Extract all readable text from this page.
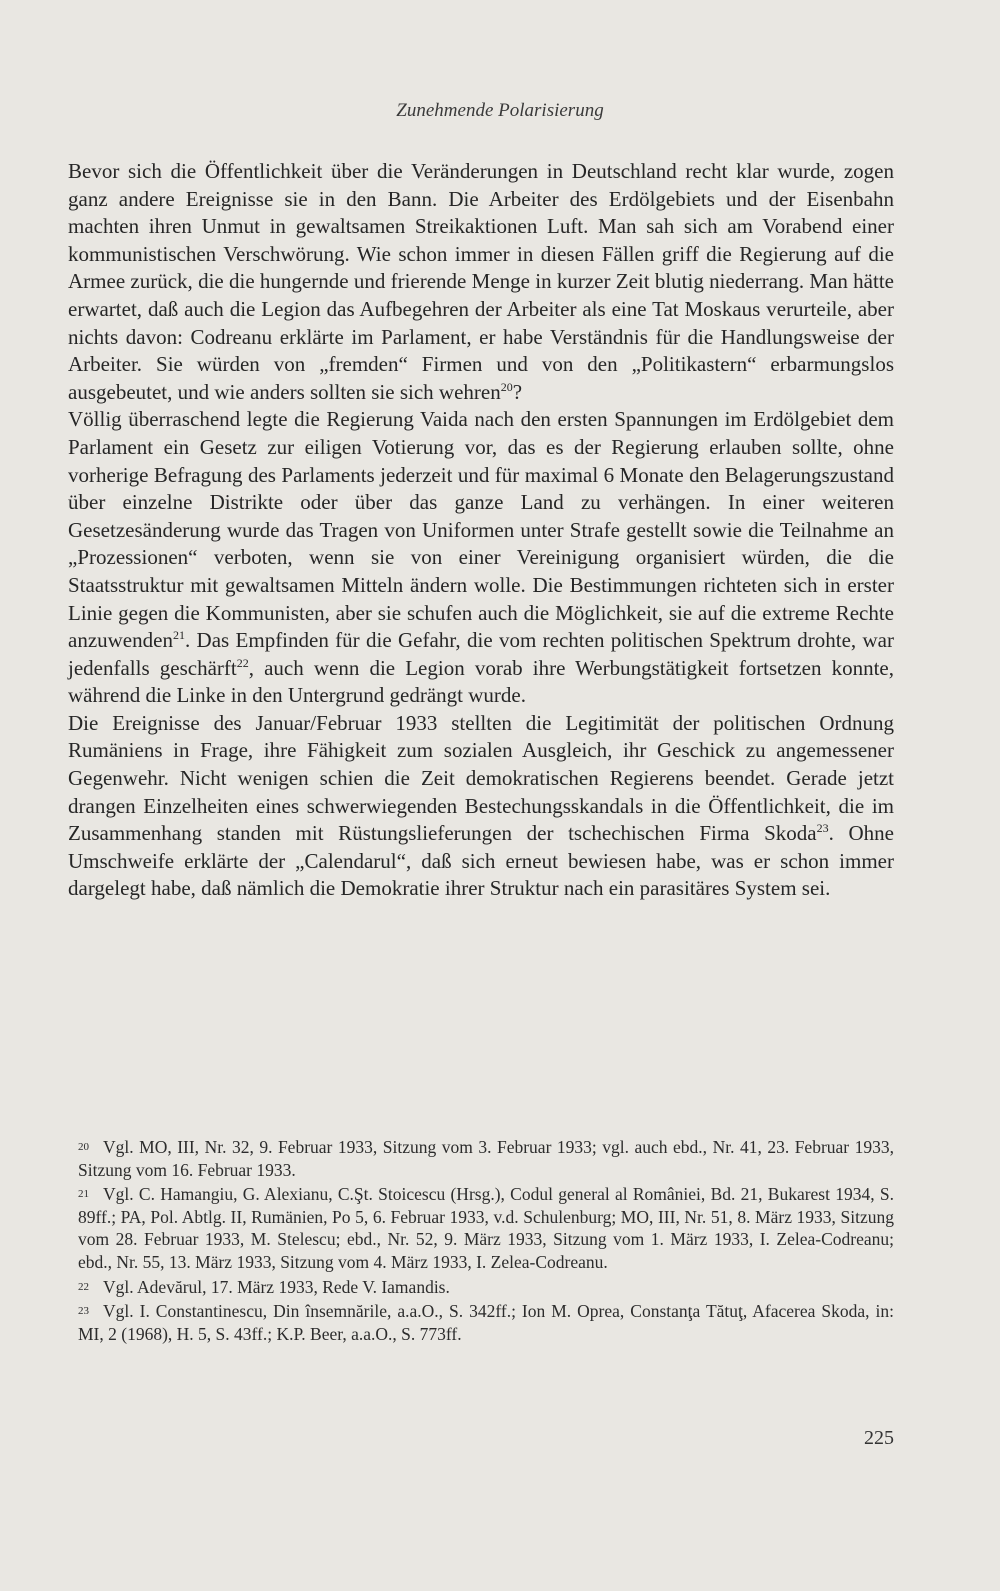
Zunehmende Polarisierung

Bevor sich die Öffentlichkeit über die Veränderungen in Deutschland recht klar wurde, zogen ganz andere Ereignisse sie in den Bann. Die Arbeiter des Erdölgebiets und der Eisenbahn machten ihren Unmut in gewaltsamen Streikaktionen Luft. Man sah sich am Vorabend einer kommunistischen Verschwörung. Wie schon immer in diesen Fällen griff die Regierung auf die Armee zurück, die die hungernde und frierende Menge in kurzer Zeit blutig niederrang. Man hätte erwartet, daß auch die Legion das Aufbegehren der Arbeiter als eine Tat Moskaus verurteile, aber nichts davon: Codreanu erklärte im Parlament, er habe Verständnis für die Handlungsweise der Arbeiter. Sie würden von „fremden“ Firmen und von den „Politikastern“ erbarmungslos ausgebeutet, und wie anders sollten sie sich wehren$^{20}$?

Völlig überraschend legte die Regierung Vaida nach den ersten Spannungen im Erdölgebiet dem Parlament ein Gesetz zur eiligen Votierung vor, das es der Regierung erlauben sollte, ohne vorherige Befragung des Parlaments jederzeit und für maximal 6 Monate den Belagerungszustand über einzelne Distrikte oder über das ganze Land zu verhängen. In einer weiteren Gesetzesänderung wurde das Tragen von Uniformen unter Strafe gestellt sowie die Teilnahme an „Prozessionen“ verboten, wenn sie von einer Vereinigung organisiert würden, die die Staatsstruktur mit gewaltsamen Mitteln ändern wolle. Die Bestimmungen richteten sich in erster Linie gegen die Kommunisten, aber sie schufen auch die Möglichkeit, sie auf die extreme Rechte anzuwenden$^{21}$. Das Empfinden für die Gefahr, die vom rechten politischen Spektrum drohte, war jedenfalls geschärft$^{22}$, auch wenn die Legion vorab ihre Werbungstätigkeit fortsetzen konnte, während die Linke in den Untergrund gedrängt wurde.

Die Ereignisse des Januar/Februar 1933 stellten die Legitimität der politischen Ordnung Rumäniens in Frage, ihre Fähigkeit zum sozialen Ausgleich, ihr Geschick zu angemessener Gegenwehr. Nicht wenigen schien die Zeit demokratischen Regierens beendet. Gerade jetzt drangen Einzelheiten eines schwerwiegenden Bestechungsskandals in die Öffentlichkeit, die im Zusammenhang standen mit Rüstungslieferungen der tschechischen Firma Skoda$^{23}$. Ohne Umschweife erklärte der „Calendarul“, daß sich erneut bewiesen habe, was er schon immer dargelegt habe, daß nämlich die Demokratie ihrer Struktur nach ein parasitäres System sei.

$^{20}$ Vgl. MO, III, Nr. 32, 9. Februar 1933, Sitzung vom 3. Februar 1933; vgl. auch ebd., Nr. 41, 23. Februar 1933, Sitzung vom 16. Februar 1933.

$^{21}$ Vgl. C. Hamangiu, G. Alexianu, C.Şt. Stoicescu (Hrsg.), Codul general al României, Bd. 21, Bukarest 1934, S. 89ff.; PA, Pol. Abtlg. II, Rumänien, Po 5, 6. Februar 1933, v.d. Schulenburg; MO, III, Nr. 51, 8. März 1933, Sitzung vom 28. Februar 1933, M. Stelescu; ebd., Nr. 52, 9. März 1933, Sitzung vom 1. März 1933, I. Zelea-Codreanu; ebd., Nr. 55, 13. März 1933, Sitzung vom 4. März 1933, I. Zelea-Codreanu.

$^{22}$ Vgl. Adevărul, 17. März 1933, Rede V. Iamandis.

$^{23}$ Vgl. I. Constantinescu, Din însemnările, a.a.O., S. 342ff.; Ion M. Oprea, Constanţa Tătuţ, Afacerea Skoda, in: MI, 2 (1968), H. 5, S. 43ff.; K.P. Beer, a.a.O., S. 773ff.

225
